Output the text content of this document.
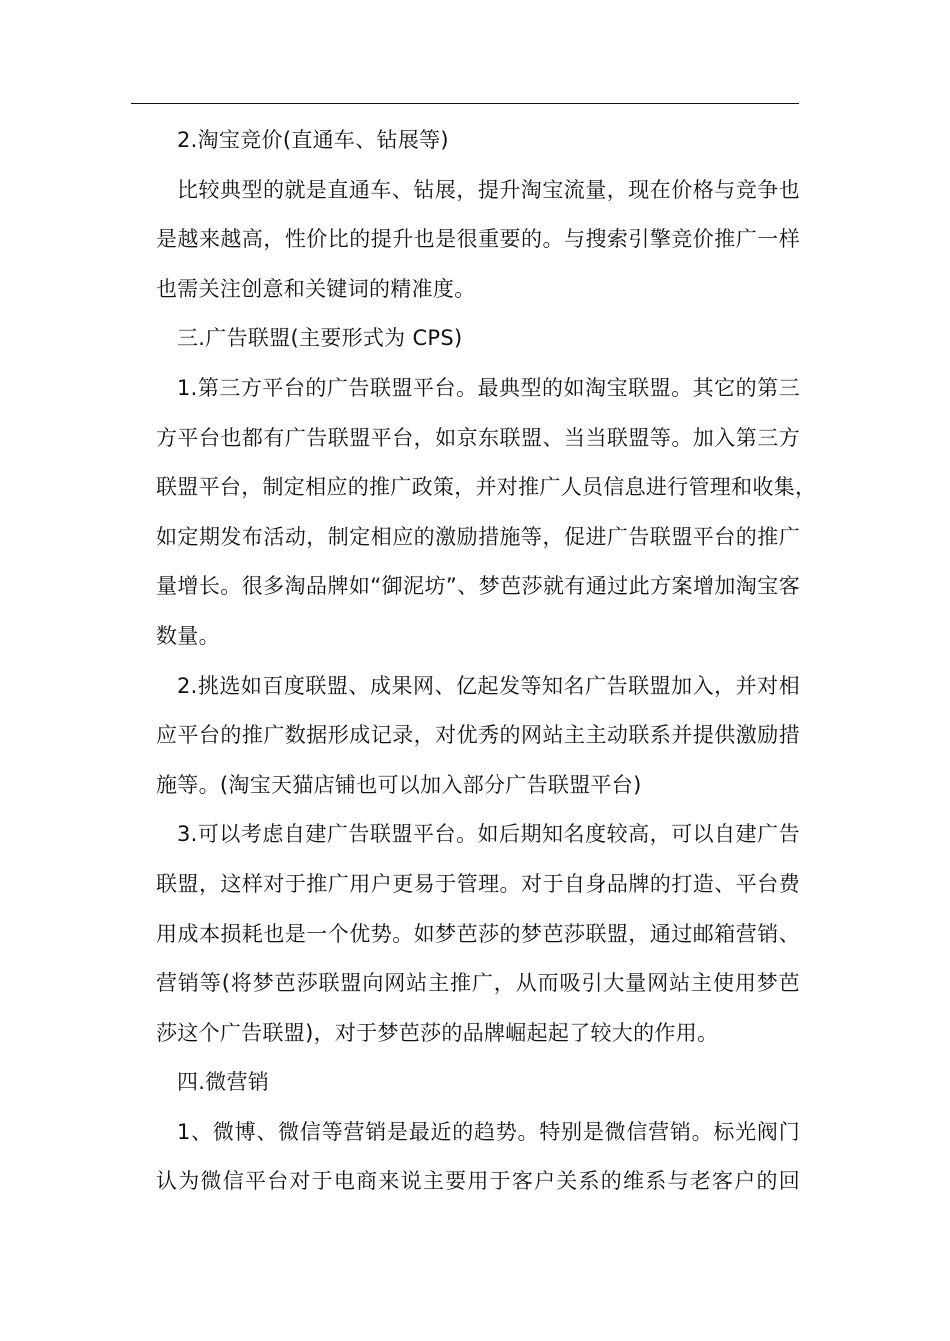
2.淘宝竞价(直通车、钻展等)

比较典型的就是直通车、钻展，提升淘宝流量，现在价格与竞争也
是越来越高，性价比的提升也是很重要的。与搜索引擎竞价推广一样
也需关注创意和关键词的精准度。

三.广告联盟(主要形式为 CPS)

1.第三方平台的广告联盟平台。最典型的如淘宝联盟。其它的第三
方平台也都有广告联盟平台，如京东联盟、当当联盟等。加入第三方
联盟平台，制定相应的推广政策，并对推广人员信息进行管理和收集，
如定期发布活动，制定相应的激励措施等，促进广告联盟平台的推广
量增长。很多淘品牌如“御泥坊”、梦芭莎就有通过此方案增加淘宝客
数量。

2.挑选如百度联盟、成果网、亿起发等知名广告联盟加入，并对相
应平台的推广数据形成记录，对优秀的网站主主动联系并提供激励措
施等。(淘宝天猫店铺也可以加入部分广告联盟平台)

3.可以考虑自建广告联盟平台。如后期知名度较高，可以自建广告
联盟，这样对于推广用户更易于管理。对于自身品牌的打造、平台费
用成本损耗也是一个优势。如梦芭莎的梦芭莎联盟，通过邮箱营销、
营销等(将梦芭莎联盟向网站主推广，从而吸引大量网站主使用梦芭
莎这个广告联盟)，对于梦芭莎的品牌崛起起了较大的作用。

四.微营销

1、微博、微信等营销是最近的趋势。特别是微信营销。标光阀门
认为微信平台对于电商来说主要用于客户关系的维系与老客户的回
